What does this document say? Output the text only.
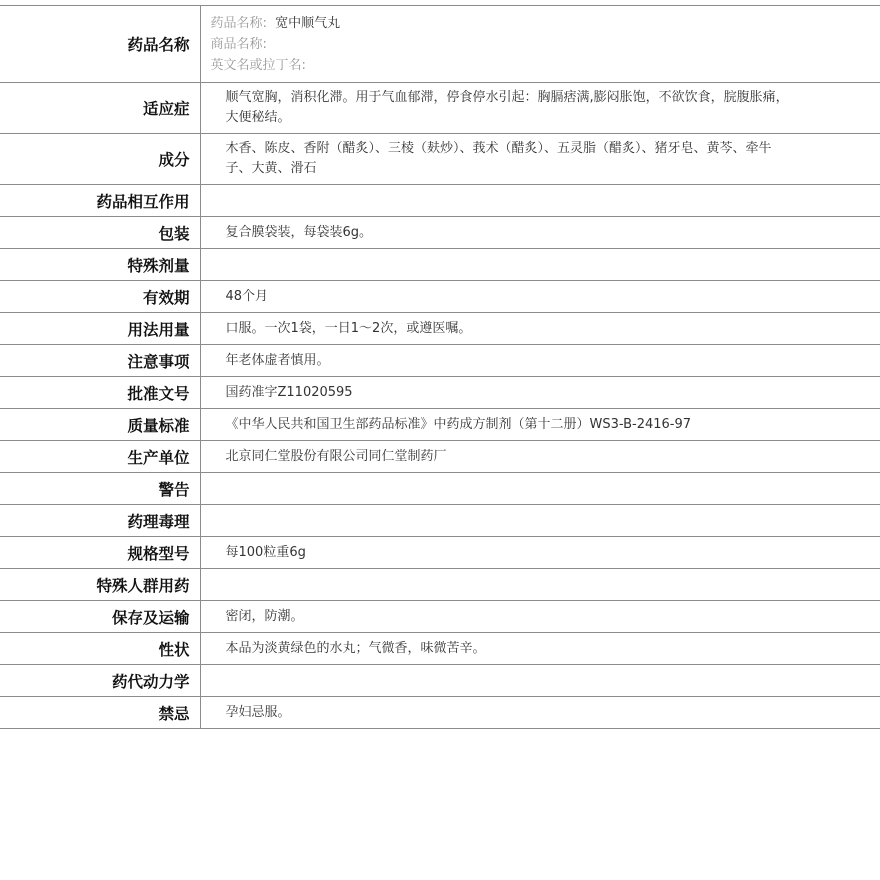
药品名称	药品名称: 宽中顺气丸
商品名称:
英文名或拉丁名:

适应症	顺气宽胸，消积化滞。用于气血郁滞，停食停水引起：胸膈痞满,膨闷胀饱，不欲饮食，脘腹胀痛，大便秘结。
成分	木香、陈皮、香附（醋炙）、三棱（麸炒）、莪术（醋炙）、五灵脂（醋炙）、猪牙皂、黄芩、牵牛子、大黄、滑石
药品相互作用	
包装	复合膜袋装，每袋装6g。
特殊剂量	
有效期	48个月
用法用量	口服。一次1袋，一日1～2次，或遵医嘱。
注意事项	年老体虚者慎用。
批准文号	国药准字Z11020595
质量标准	《中华人民共和国卫生部药品标准》中药成方制剂（第十二册）WS3-B-2416-97
生产单位	北京同仁堂股份有限公司同仁堂制药厂
警告	
药理毒理	
规格型号	每100粒重6g
特殊人群用药	
保存及运输	密闭，防潮。
性状	本品为淡黄绿色的水丸；气微香，味微苦辛。
药代动力学	
禁忌	孕妇忌服。
